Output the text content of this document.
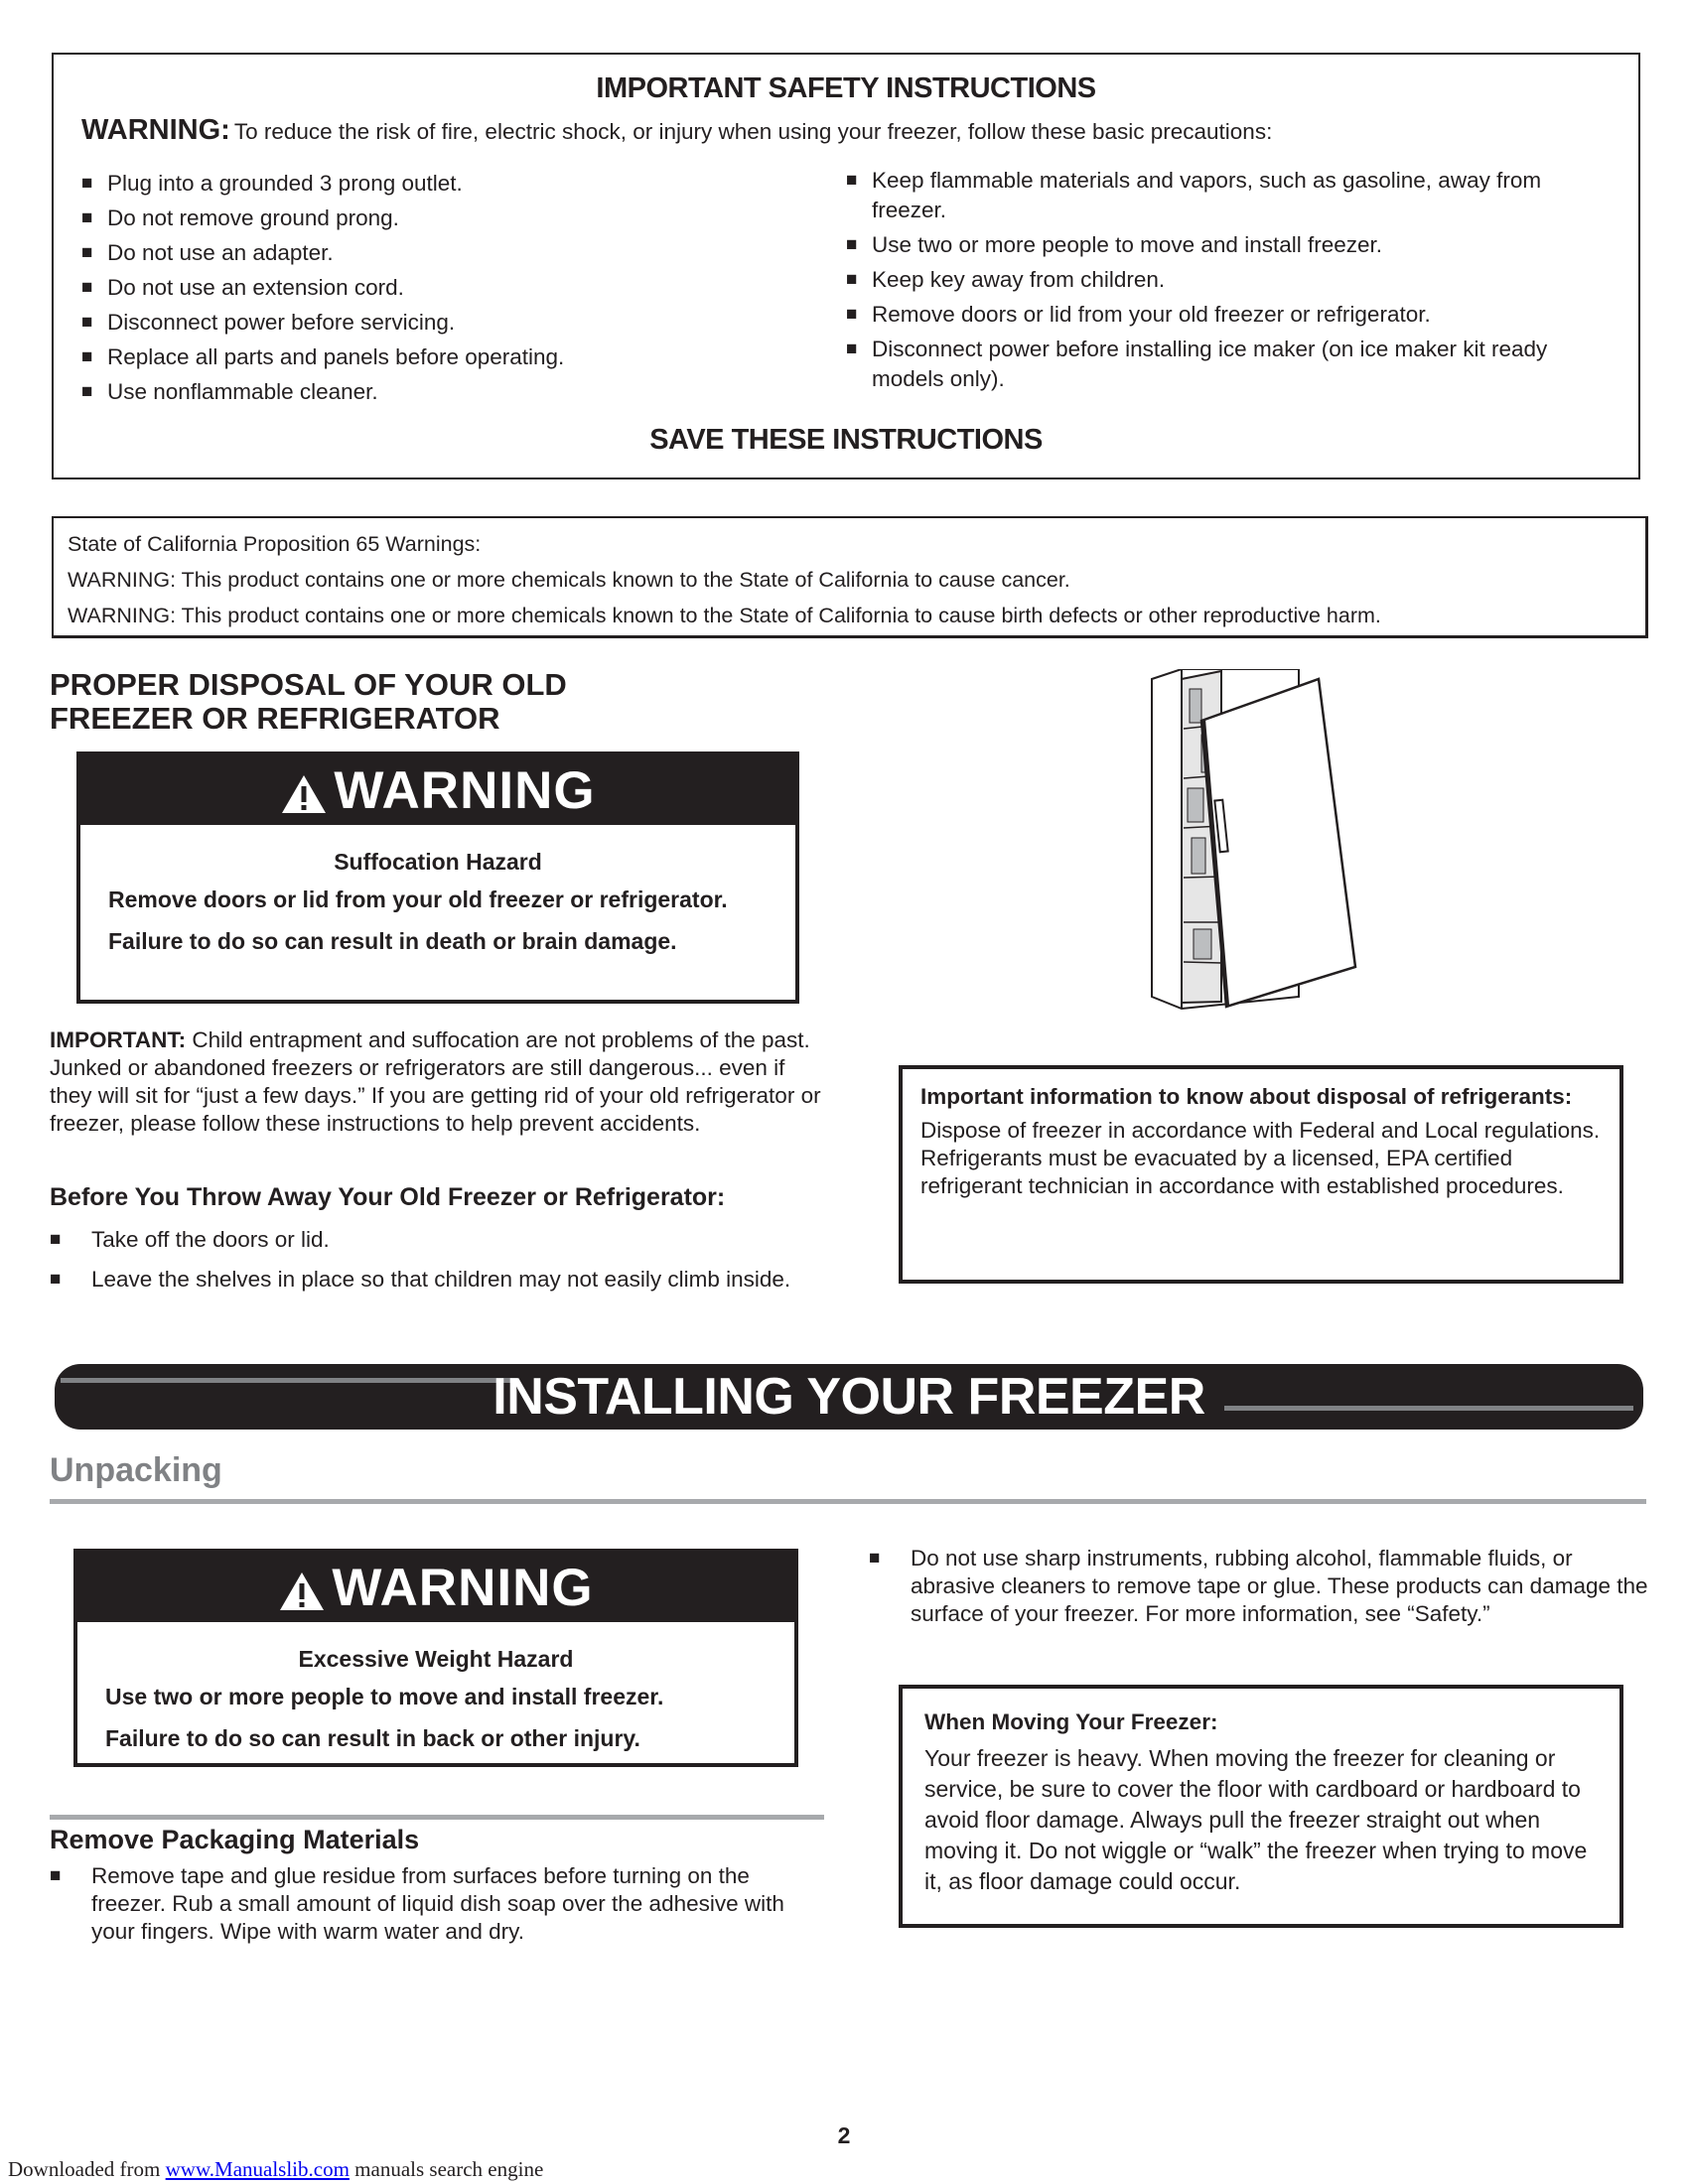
IMPORTANT SAFETY INSTRUCTIONS
WARNING: To reduce the risk of fire, electric shock, or injury when using your freezer, follow these basic precautions:
■ Plug into a grounded 3 prong outlet.
■ Do not remove ground prong.
■ Do not use an adapter.
■ Do not use an extension cord.
■ Disconnect power before servicing.
■ Replace all parts and panels before operating.
■ Use nonflammable cleaner.
■ Keep flammable materials and vapors, such as gasoline, away from freezer.
■ Use two or more people to move and install freezer.
■ Keep key away from children.
■ Remove doors or lid from your old freezer or refrigerator.
■ Disconnect power before installing ice maker (on ice maker kit ready models only).
SAVE THESE INSTRUCTIONS
State of California Proposition 65 Warnings:
WARNING: This product contains one or more chemicals known to the State of California to cause cancer.
WARNING: This product contains one or more chemicals known to the State of California to cause birth defects or other reproductive harm.
PROPER DISPOSAL OF YOUR OLD
FREEZER OR REFRIGERATOR
WARNING
Suffocation Hazard

Remove doors or lid from your old freezer or refrigerator.

Failure to do so can result in death or brain damage.

IMPORTANT: Child entrapment and suffocation are not problems of the past. Junked or abandoned freezers or refrigerators are still dangerous... even if they will sit for “just a few days.” If you are getting rid of your old refrigerator or freezer, please follow these instructions to help prevent accidents.
Before You Throw Away Your Old Freezer or Refrigerator:
■ Take off the doors or lid.
■ Leave the shelves in place so that children may not easily climb inside.
Important information to know about disposal of refrigerants:
Dispose of freezer in accordance with Federal and Local regulations. Refrigerants must be evacuated by a licensed, EPA certified refrigerant technician in accordance with established procedures.
INSTALLING YOUR FREEZER
Unpacking
WARNING
Excessive Weight Hazard

Use two or more people to move and install freezer.

Failure to do so can result in back or other injury.

Remove Packaging Materials
■ Remove tape and glue residue from surfaces before turning on the freezer. Rub a small amount of liquid dish soap over the adhesive with your fingers. Wipe with warm water and dry.
■ Do not use sharp instruments, rubbing alcohol, flammable fluids, or abrasive cleaners to remove tape or glue. These products can damage the surface of your freezer. For more information, see “Safety.”
When Moving Your Freezer:
Your freezer is heavy. When moving the freezer for cleaning or service, be sure to cover the floor with cardboard or hardboard to avoid floor damage. Always pull the freezer straight out when moving it. Do not wiggle or “walk” the freezer when trying to move it, as floor damage could occur.
2
Downloaded from www.Manualslib.com manuals search engine
